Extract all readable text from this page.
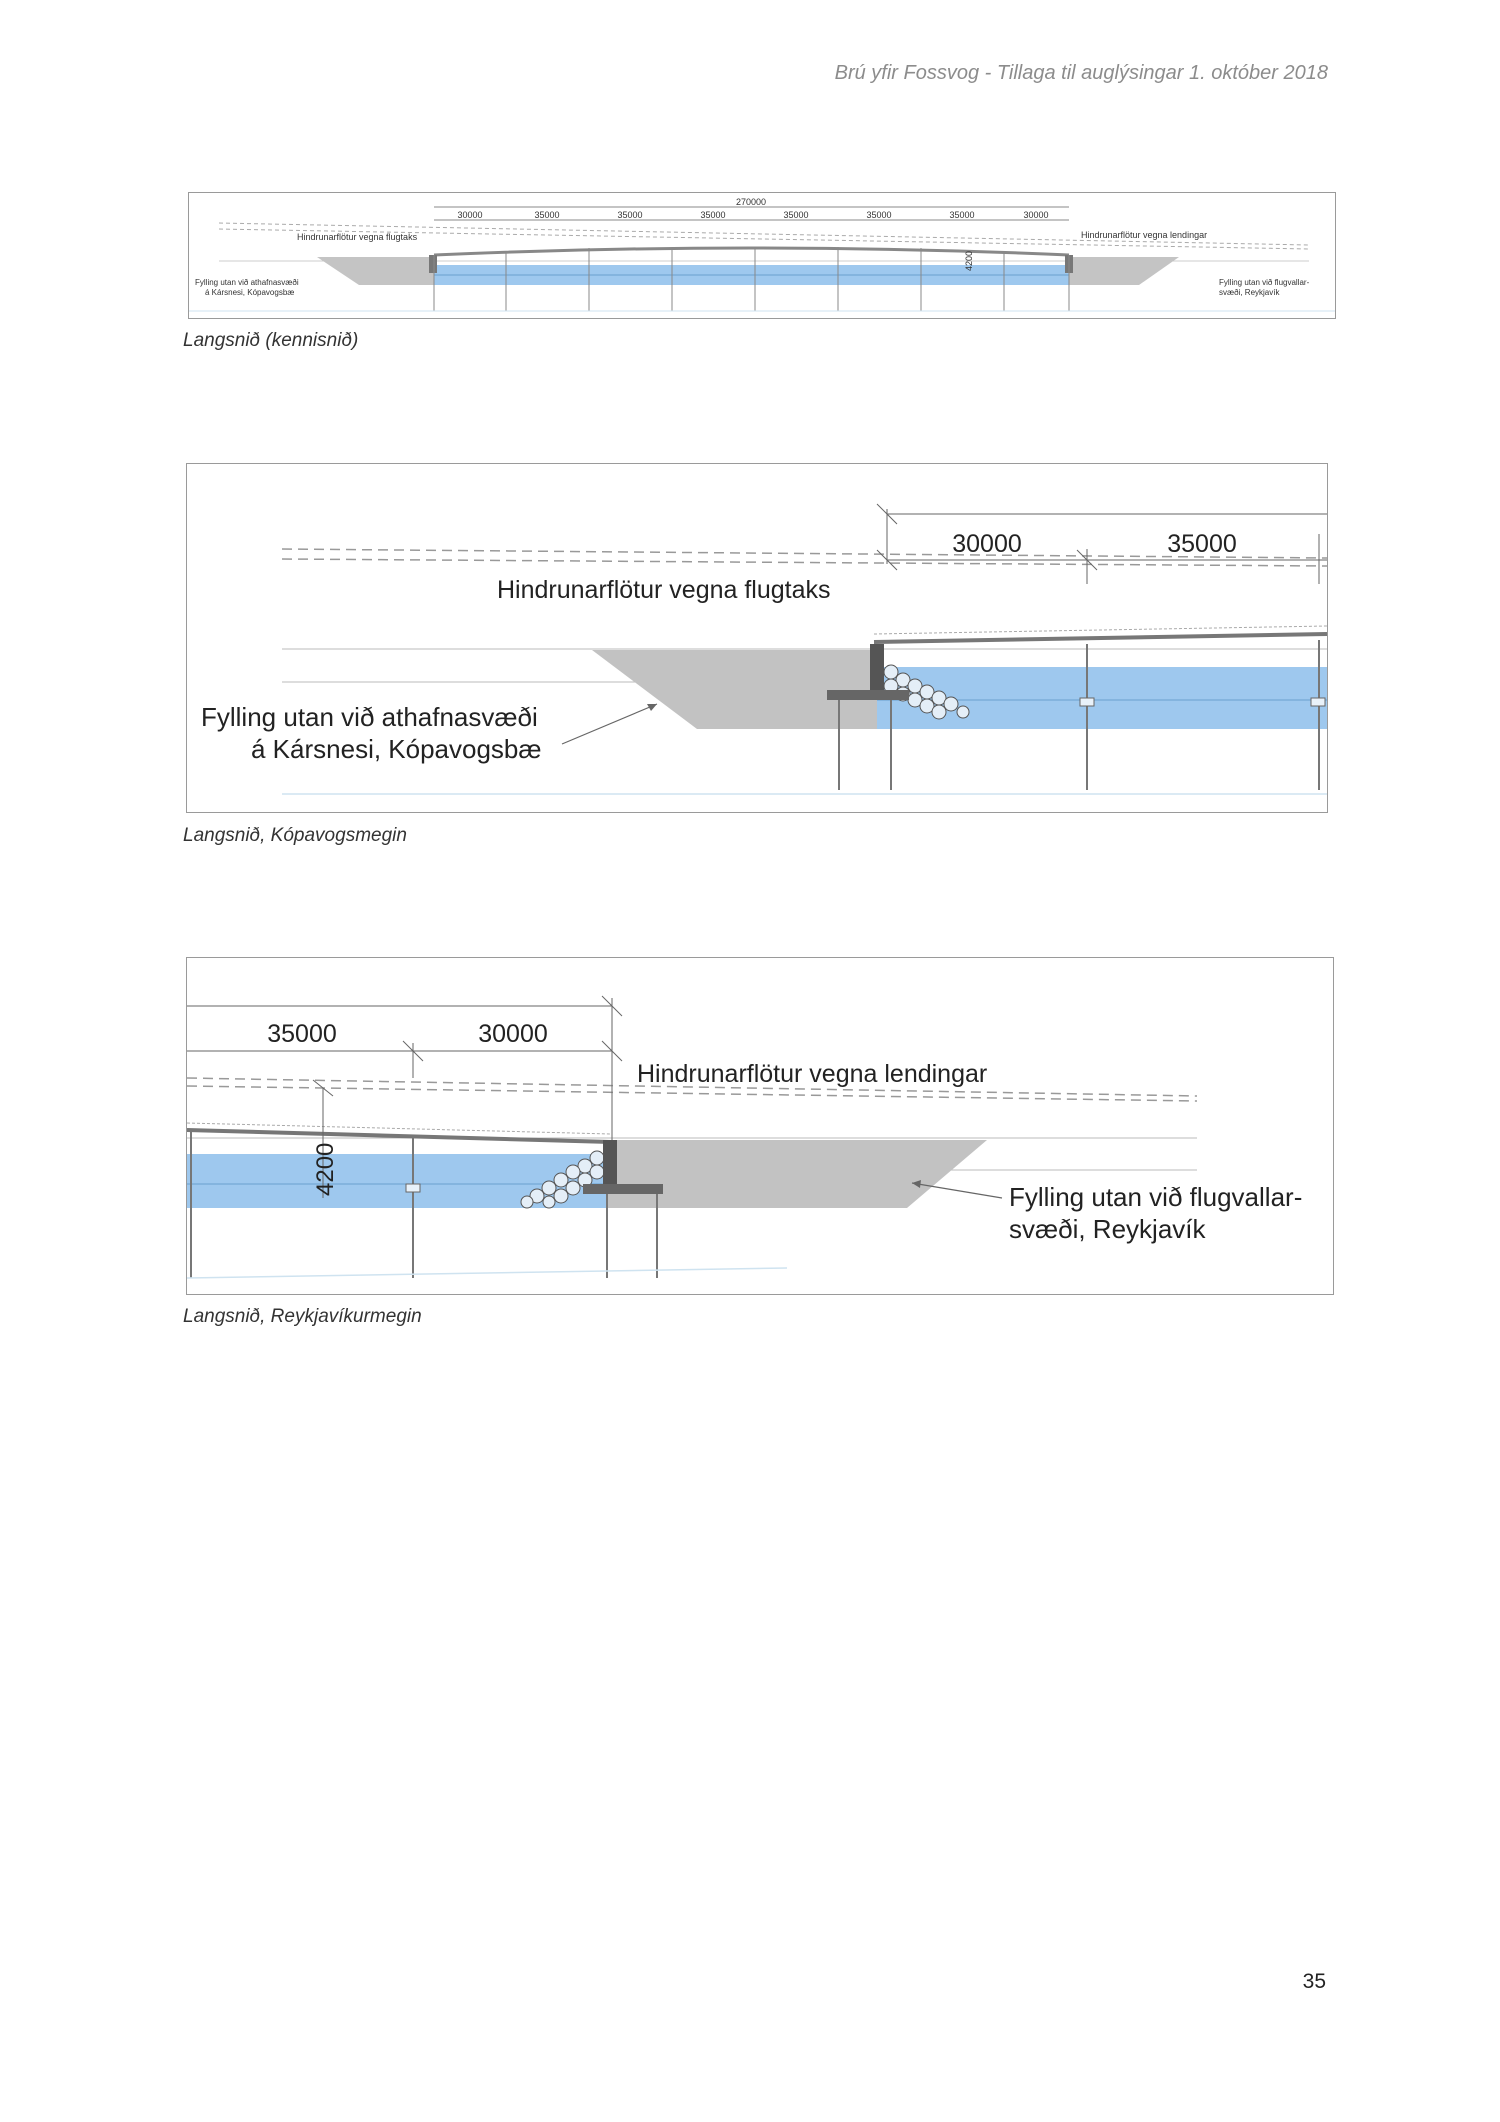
Brú yfir Fossvog - Tillaga til auglýsingar 1. október 2018
270000
30000	35000	35000	35000	35000	35000	35000	30000
4200
Hindrunarflötur vegna flugtaks	Hindrunarflötur vegna lendingar
Fylling utan við athafnasvæði
á Kársnesi, Kópavogsbæ
Fylling utan við flugvallar-
svæði, Reykjavík
Langsnið (kennisnið)
30000	35000
Hindrunarflötur vegna flugtaks
Fylling utan við athafnasvæði
á Kársnesi, Kópavogsbæ
Langsnið, Kópavogsmegin
35000	30000
4200
Hindrunarflötur vegna lendingar
Fylling utan við flugvallar-
svæði, Reykjavík
Langsnið, Reykjavíkurmegin
35
